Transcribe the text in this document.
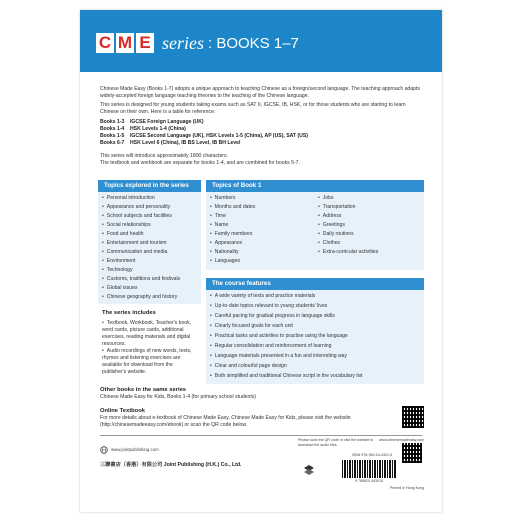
C M E series : BOOKS 1–7
Chinese Made Easy (Books 1-7) adopts a unique approach to teaching Chinese as a foreign/second language. The teaching approach adapts widely-accepted foreign language teaching theories to the teaching of the Chinese language.
This series is designed for young students taking exams such as SAT II, IGCSE, IB, HSK, or for those students who are starting to learn Chinese on their own. Here is a table for reference:
Books 1-3 IGCSE Foreign Language (UK)
Books 1-4 HSK Levels 1-4 (China)
Books 1-5 IGCSE Second Language (UK), HSK Levels 1-5 (China), AP (US), SAT (US)
Books 6-7 HSK Level 6 (China), IB BS Level, IB BH Level
This series will introduce approximately 1800 characters.
The textbook and workbook are separate for books 1-4, and are combined for books 5-7.
Topics explored in the series
• Personal introduction
• Appearance and personality
• School subjects and facilities
• Social relationships
• Food and health
• Entertainment and tourism
• Communication and media
• Environment
• Technology
• Customs, traditions and festivals
• Global issues
• Chinese geography and history
Topics of Book 1
• Numbers
• Months and dates
• Time
• Name
• Family members
• Appearance
• Nationality
• Languages
• Jobs
• Transportation
• Address
• Greetings
• Daily routines
• Clothes
• Extra-curricular activities
The series includes
• Textbook, Workbook, Teacher's book, word cards, picture cards, additional exercises, reading materials and digital resources.
• Audio recordings of new words, texts, rhymes and listening exercises are available for download from the publisher's website.
The course features
• A wide variety of texts and practice materials
• Up-to-date topics relevant to young students' lives
• Careful pacing for gradual progress in language skills
• Clearly focused goals for each unit
• Practical tasks and activities to practise using the language
• Regular consolidation and reinforcement of learning
• Language materials presented in a fun and interesting way
• Clear and colourful page design
• Both simplified and traditional Chinese script in the vocabulary list
Other books in the same series
Chinese Made Easy for Kids, Books 1-4 (for primary school students)
Online Textbook
For more details about e-textbook of Chinese Made Easy, Chinese Made Easy for Kids, please visit the website (http://chinesemadeeasy.com/ebook) or scan the QR code below.
www.jointpublishing.com
三聯書店（香港）有限公司 Joint Publishing (H.K.) Co., Ltd.
Please scan the QR code or visit the website to download the audio files.
www.chinesemadeeasy.com
ISBN 978-962-04-4301-5
9 789620 443015
Printed in Hong Kong
